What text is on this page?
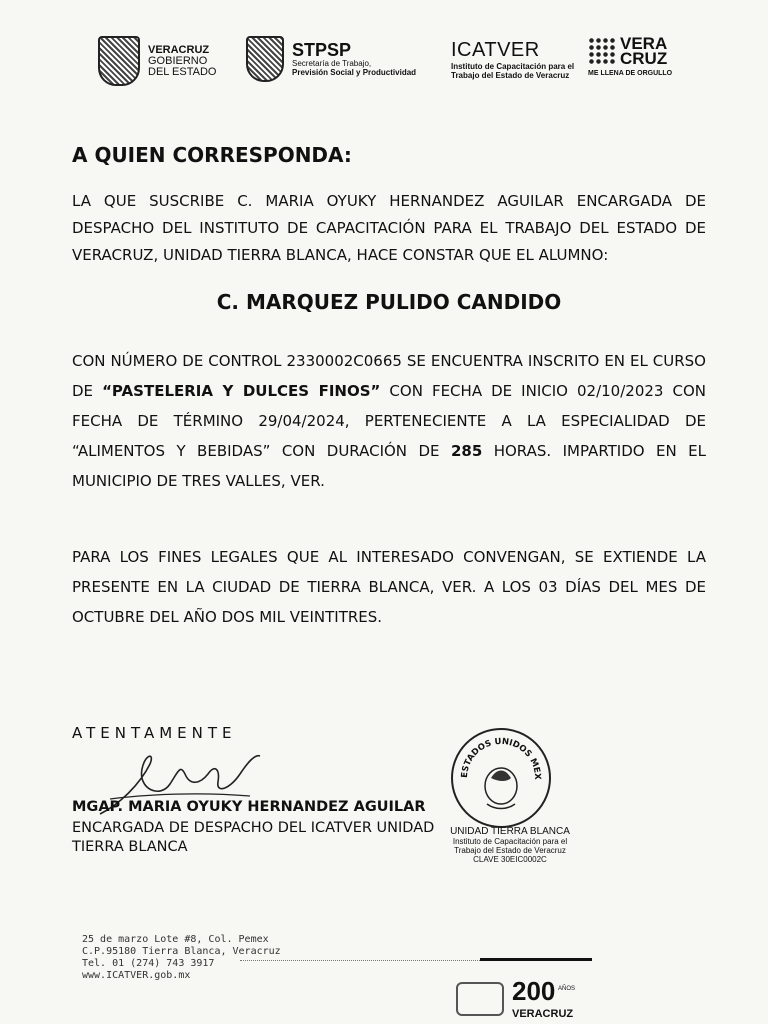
VERACRUZ
GOBIERNO
DEL ESTADO
STPSP
Secretaría de Trabajo,
Previsión Social y Productividad
ICATVER
Instituto de Capacitación para el
Trabajo del Estado de Veracruz
VERA
CRUZ
ME LLENA DE ORGULLO
A QUIEN CORRESPONDA:
LA QUE SUSCRIBE C. MARIA OYUKY HERNANDEZ AGUILAR ENCARGADA DE DESPACHO DEL INSTITUTO DE CAPACITACIÓN PARA EL TRABAJO DEL ESTADO DE VERACRUZ, UNIDAD TIERRA BLANCA, HACE CONSTAR QUE EL ALUMNO:
C. MARQUEZ PULIDO CANDIDO
CON NÚMERO DE CONTROL 2330002C0665 SE ENCUENTRA INSCRITO EN EL CURSO DE “PASTELERIA Y DULCES FINOS” CON FECHA DE INICIO 02/10/2023 CON FECHA DE TÉRMINO 29/04/2024, PERTENECIENTE A LA ESPECIALIDAD DE “ALIMENTOS Y BEBIDAS” CON DURACIÓN DE 285 HORAS. IMPARTIDO EN EL MUNICIPIO DE TRES VALLES, VER.
PARA LOS FINES LEGALES QUE AL INTERESADO CONVENGAN, SE EXTIENDE LA PRESENTE EN LA CIUDAD DE TIERRA BLANCA, VER. A LOS 03 DÍAS DEL MES DE OCTUBRE DEL AÑO DOS MIL VEINTITRES.
ATENTAMENTE
MGAP. MARIA OYUKY HERNANDEZ AGUILAR
ENCARGADA DE DESPACHO DEL ICATVER UNIDAD
TIERRA BLANCA
ESTADOS UNIDOS MEX
UNIDAD TIERRA BLANCA
Instituto de Capacitación para el
Trabajo del Estado de Veracruz
CLAVE 30EIC0002C
25 de marzo Lote #8, Col. Pemex
C.P.95180 Tierra Blanca, Veracruz
Tel. 01 (274) 743 3917
www.ICATVER.gob.mx
200 AÑOS
VERACRUZ
